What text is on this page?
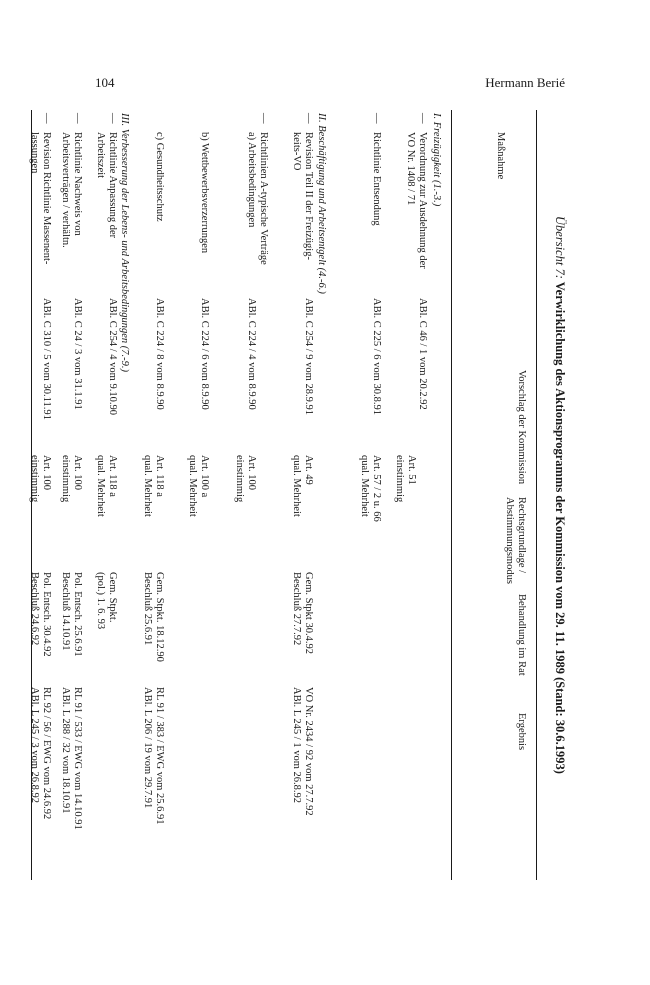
104	Hermann Berié
Übersicht 7: Verwirklichung des Aktionsprogramms der Kommission vom 29. 11. 1989 (Stand: 30.6.1993)
Maßnahme
Vorschlag der Kommission
Rechtsgrundlage /
Abstimmungsmodus
Behandlung im Rat
Ergebnis
I. Freizügigkeit (1.-3.)
—
Verordnung zur Ausdehnung der
VO Nr. 1408 / 71
ABl. C 46 / 1 vom 20.2.92
Art. 51
einstimmig
—
Richtlinie Entsendung
ABl. C 225 / 6 vom 30.8.91
Art. 57 / 2 u. 66
qual. Mehrheit
II. Beschäftigung und Arbeitsentgelt (4.-6.)
—
Revision Teil II der Freizügig-
keits-VO
ABl. C 254 / 9 vom 28.9.91
Art. 49
qual. Mehrheit
Gem. Stpkt 30.4.92
Beschluß 27.7.92
VO Nr. 2434 / 92 vom 27.7.92
ABl. L 245 / 1 vom 26.8.92
—
Richtlinien A-typische Verträge
a) Arbeitsbedingungen
ABl. C 224 / 4 vom 8.9.90
Art. 100
einstimmig
b) Wettbewerbsverzerrungen
ABl. C 224 / 6 vom 8.9.90
Art. 100 a
qual. Mehrheit
c) Gesundheitsschutz
ABl. C 224 / 8 vom 8.9.90
Art. 118 a
qual. Mehrheit
Gem. Stpkt. 18.12.90
Beschluß 25.6.91
RL 91 / 383 / EWG vom 25.6.91
ABl. L 206 / 19 vom 29.7.91
III. Verbesserung der Lebens- und Arbeitsbedingungen (7.-9.)
—
Richtlinie Anpassung der
Arbeitszeit
ABl. C 254 / 4 vom 9.10.90
Art. 118 a
qual. Mehrheit
Gem. Stpkt.
(pol.) 1. 6. 93
—
Richtlinie Nachweis von
Arbeitsverträgen / verhältn.
ABl. C 24 / 3 vom 31.1.91
Art. 100
einstimmig
Pol. Entsch. 25.6.91
Beschluß 14.10.91
RL 91 / 533 / EWG vom 14.10.91
ABl. L 288 / 32 vom 18.10.91
—
Revision Richtlinie Massenent-
lassungen
ABl. C 310 / 5 vom 30.11.91
Art. 100
einstimmig
Pol. Entsch. 30.4.92
Beschluß 24.6.92
RL 92 / 56 / EWG vom 24.6.92
ABl. L 245 / 3 vom 26.8.92
